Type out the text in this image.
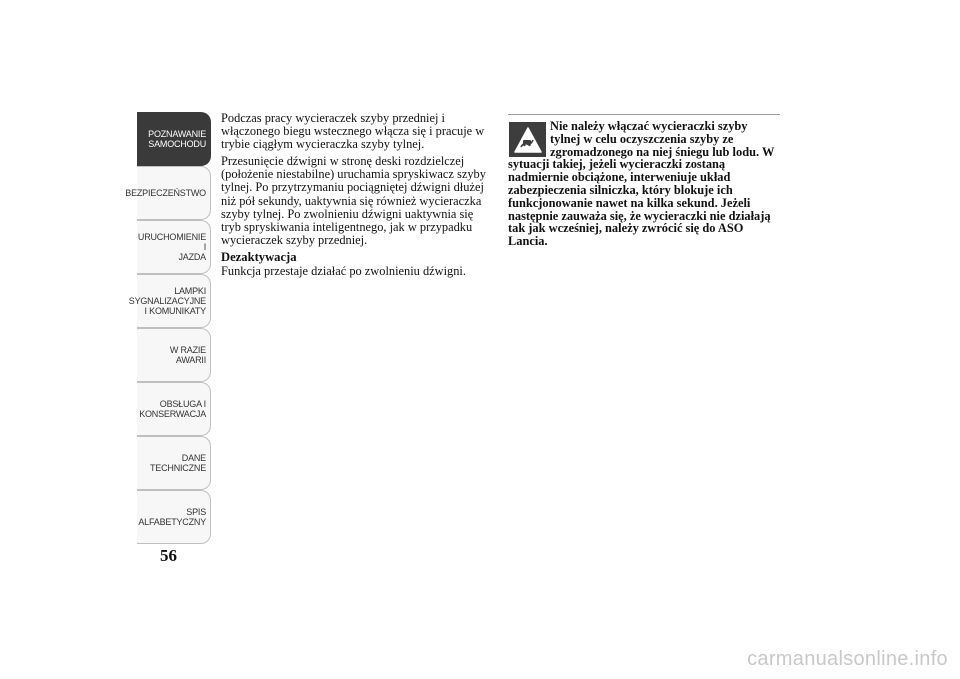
POZNAWANIE
SAMOCHODU
BEZPIECZEŃSTWO
URUCHOMIENIE I
JAZDA
LAMPKI
SYGNALIZACYJNE
I KOMUNIKATY
W RAZIE AWARII
OBSŁUGA I
KONSERWACJA
DANE
TECHNICZNE
SPIS
ALFABETYCZNY
56

Podczas pracy wycieraczek szyby przedniej i włączonego biegu wstecznego włącza się i pracuje w trybie ciągłym wycieraczka szyby tylnej.

Przesunięcie dźwigni w stronę deski rozdzielczej (położenie niestabilne) uruchamia spryskiwacz szyby tylnej. Po przytrzymaniu pociągniętej dźwigni dłużej niż pół sekundy, uaktywnia się również wycieraczka szyby tylnej. Po zwolnieniu dźwigni uaktywnia się tryb spryskiwania inteligentnego, jak w przypadku wycieraczek szyby przedniej.

Dezaktywacja

Funkcja przestaje działać po zwolnieniu dźwigni.

Nie należy włączać wycieraczki szyby tylnej w celu oczyszczenia szyby ze zgromadzonego na niej śniegu lub lodu. W sytuacji takiej, jeżeli wycieraczki zostaną nadmiernie obciążone, interweniuje układ zabezpieczenia silniczka, który blokuje ich funkcjonowanie nawet na kilka sekund. Jeżeli następnie zauważa się, że wycieraczki nie działają tak jak wcześniej, należy zwrócić się do ASO Lancia.
carmanualsonline.info
